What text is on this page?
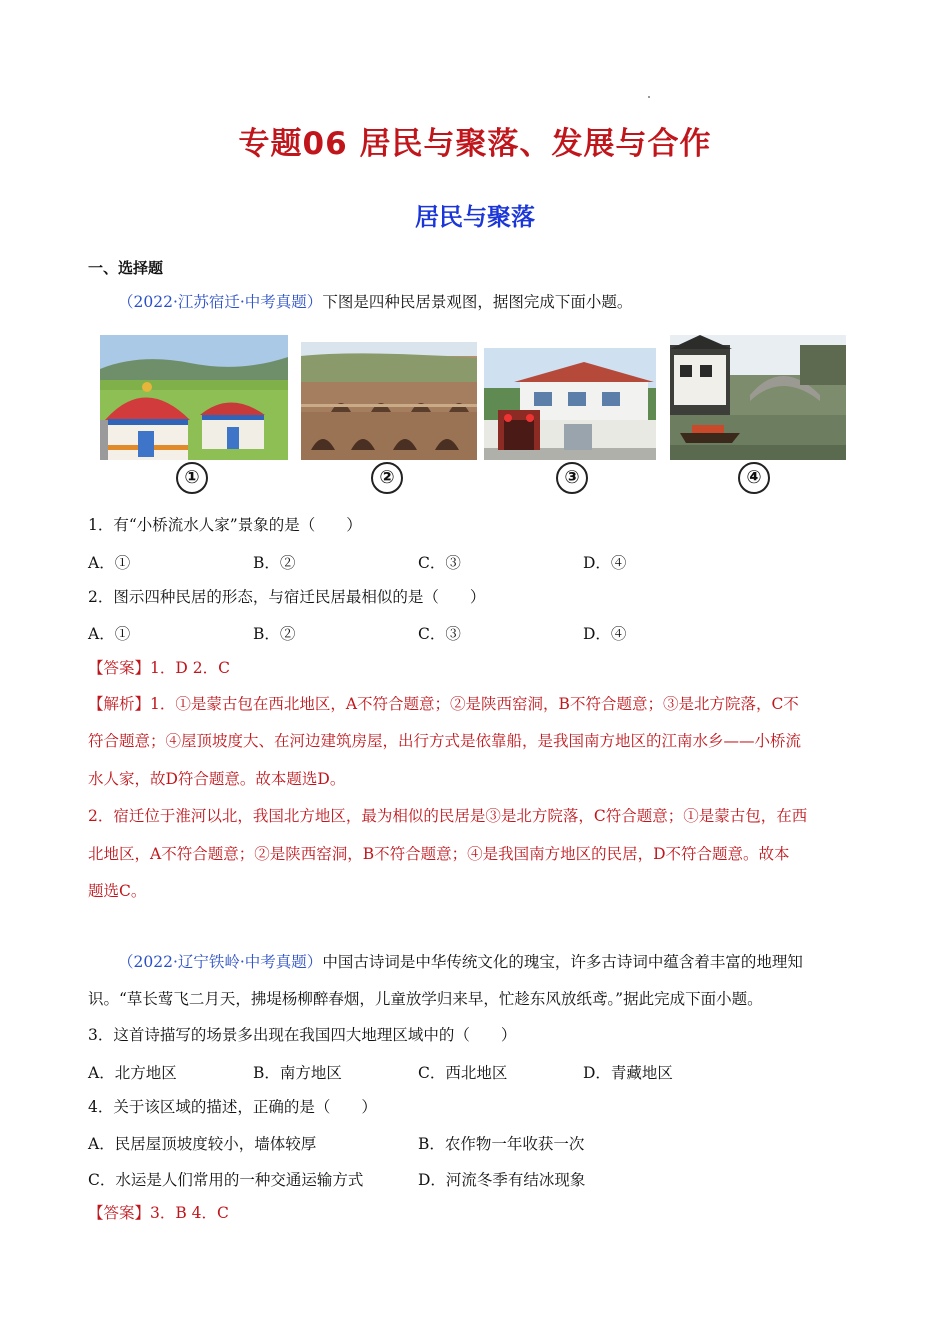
专题06 居民与聚落、发展与合作
居民与聚落
一、选择题
（2022·江苏宿迁·中考真题）下图是四种民居景观图，据图完成下面小题。
①	②	③	④
1．有“小桥流水人家”景象的是（　　）
A．①	B．②	C．③	D．④
2．图示四种民居的形态，与宿迁民居最相似的是（　　）
A．①	B．②	C．③	D．④
【答案】1．D 2．C
【解析】1．①是蒙古包在西北地区，A不符合题意；②是陕西窑洞，B不符合题意；③是北方院落，C不
符合题意；④屋顶坡度大、在河边建筑房屋，出行方式是依靠船，是我国南方地区的江南水乡——小桥流
水人家，故D符合题意。故本题选D。
2．宿迁位于淮河以北，我国北方地区，最为相似的民居是③是北方院落，C符合题意；①是蒙古包，在西
北地区，A不符合题意；②是陕西窑洞，B不符合题意；④是我国南方地区的民居，D不符合题意。故本
题选C。
（2022·辽宁铁岭·中考真题）中国古诗词是中华传统文化的瑰宝，许多古诗词中蕴含着丰富的地理知
识。“草长莺飞二月天，拂堤杨柳醉春烟，儿童放学归来早，忙趁东风放纸鸢。”据此完成下面小题。
3．这首诗描写的场景多出现在我国四大地理区域中的（　　）
A．北方地区	B．南方地区	C．西北地区	D．青藏地区
4．关于该区域的描述，正确的是（　　）
A．民居屋顶坡度较小，墙体较厚	B．农作物一年收获一次
C．水运是人们常用的一种交通运输方式	D．河流冬季有结冰现象
【答案】3．B 4．C
